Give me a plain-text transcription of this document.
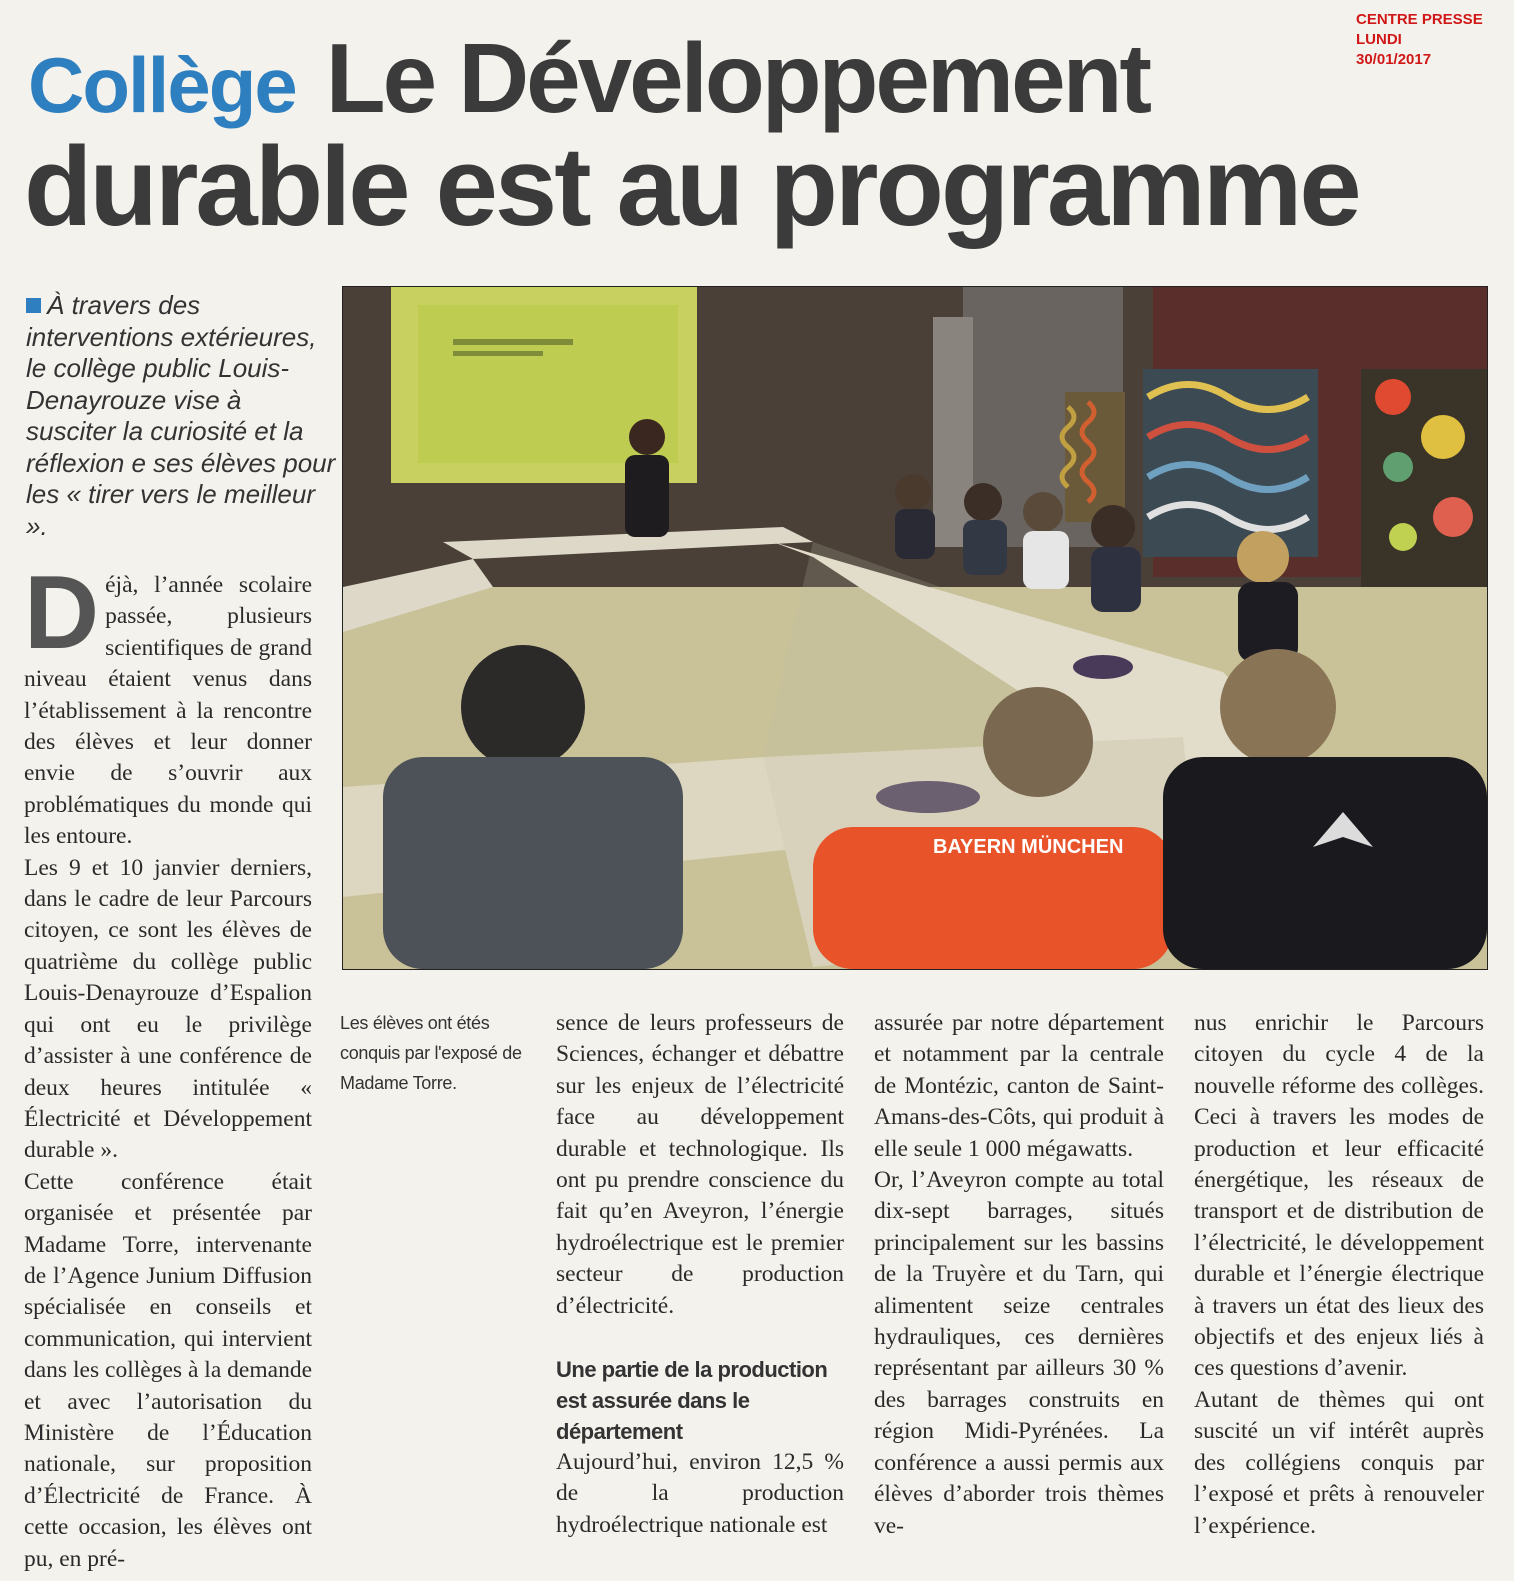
CENTRE PRESSE
LUNDI
30/01/2017
Collège Le Développement
durable est au programme
À travers des interventions extérieures, le collège public Louis-Denayrouze vise à susciter la curiosité et la réflexion e ses élèves pour les « tirer vers le meilleur ».
D éjà, l’année scolaire passée, plusieurs scientifiques de grand niveau étaient venus dans l’établissement à la rencontre des élèves et leur donner envie de s’ouvrir aux problématiques du monde qui les entoure.

Les 9 et 10 janvier derniers, dans le cadre de leur Parcours citoyen, ce sont les élèves de quatrième du collège public Louis-Denayrouze d’Espalion qui ont eu le privilège d’assister à une conférence de deux heures intitulée « Électricité et Développement durable ».

Cette conférence était organisée et présentée par Madame Torre, intervenante de l’Agence Junium Diffusion spécialisée en conseils et communication, qui intervient dans les collèges à la demande et avec l’autorisation du Ministère de l’Éducation nationale, sur proposition d’Électricité de France. À cette occasion, les élèves ont pu, en pré-

BAYERN MÜNCHEN
Les élèves ont étés conquis par l'exposé de Madame Torre.

sence de leurs professeurs de Sciences, échanger et débattre sur les enjeux de l’électricité face au développement durable et technologique. Ils ont pu prendre conscience du fait qu’en Aveyron, l’énergie hydroélectrique est le premier secteur de production d’électricité.

Une partie de la production est assurée dans le département

Aujourd’hui, environ 12,5 % de la production hydroélectrique nationale est

assurée par notre département et notamment par la centrale de Montézic, canton de Saint-Amans-des-Côts, qui produit à elle seule 1 000 mégawatts.

Or, l’Aveyron compte au total dix-sept barrages, situés principalement sur les bassins de la Truyère et du Tarn, qui alimentent seize centrales hydrauliques, ces dernières représentant par ailleurs 30 % des barrages construits en région Midi-Pyrénées. La conférence a aussi permis aux élèves d’aborder trois thèmes ve-

nus enrichir le Parcours citoyen du cycle 4 de la nouvelle réforme des collèges. Ceci à travers les modes de production et leur efficacité énergétique, les réseaux de transport et de distribution de l’électricité, le développement durable et l’énergie électrique à travers un état des lieux des objectifs et des enjeux liés à ces questions d’avenir.

Autant de thèmes qui ont suscité un vif intérêt auprès des collégiens conquis par l’exposé et prêts à renouveler l’expérience.
